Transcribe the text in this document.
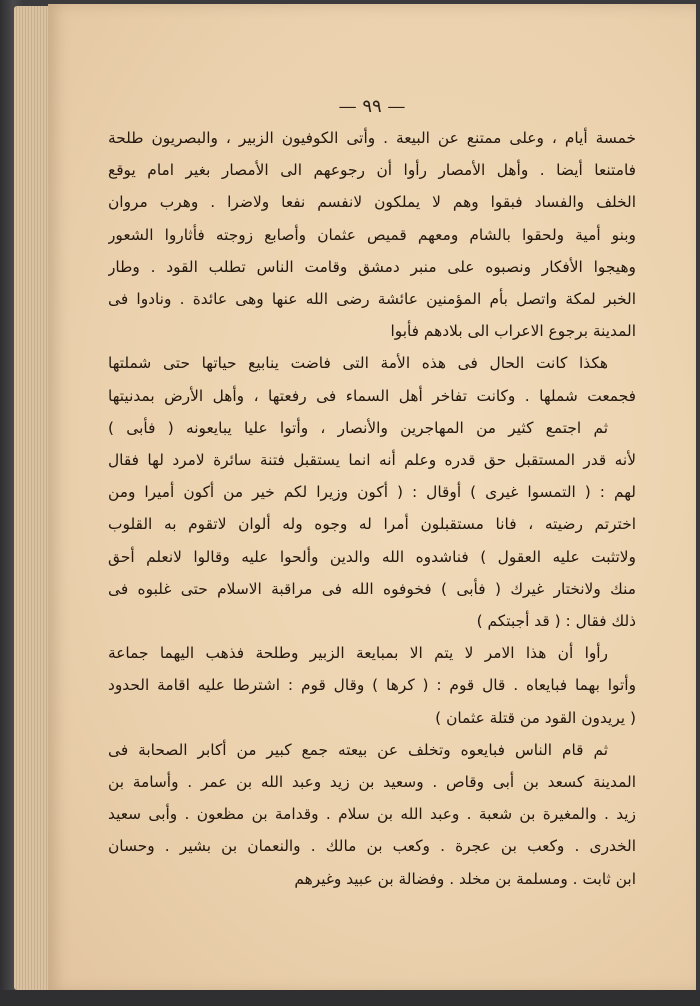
— ٩٩ —
خمسة أيام ، وعلى ممتنع عن البيعة . وأتى الكوفيون الزبير ، والبصريون طلحة
فامتنعا أيضا . وأهل الأمصار رأوا أن رجوعهم الى الأمصار بغير امام يوقع
الخلف والفساد فبقوا وهم لا يملكون لانفسم نفعا ولاضرا . وهرب مروان
وبنو أمية ولحقوا بالشام ومعهم قميص عثمان وأصابع زوجته فأثاروا الشعور
وهيجوا الأفكار ونصبوه على منبر دمشق وقامت الناس تطلب القود . وطار
الخبر لمكة واتصل بأم المؤمنين عائشة رضى الله عنها وهى عائدة . ونادوا فى
المدينة برجوع الاعراب الى بلادهم فأبوا
هكذا كانت الحال فى هذه الأمة التى فاضت ينابيع حياتها حتى شملتها
فجمعت شملها . وكانت تفاخر أهل السماء فى رفعتها ، وأهل الأرض بمدنيتها
ثم اجتمع كثير من المهاجرين والأنصار ، وأتوا عليا يبايعونه ( فأبى )
لأنه قدر المستقبل حق قدره وعلم أنه انما يستقبل فتنة سائرة لامرد لها فقال
لهم : ( التمسوا غيرى ) أوقال : ( أكون وزيرا لكم خير من أكون أميرا ومن
اخترتم رضيته ، فانا مستقبلون أمرا له وجوه وله ألوان لاتقوم به القلوب
ولاتثبت عليه العقول ) فناشدوه الله والدين وألحوا عليه وقالوا لانعلم أحق
منك ولانختار غيرك ( فأبى ) فخوفوه الله فى مراقبة الاسلام حتى غلبوه فى
ذلك فقال : ( قد أجبتكم )
رأوا أن هذا الامر لا يتم الا بمبايعة الزبير وطلحة فذهب اليهما جماعة
وأتوا بهما فبايعاه . قال قوم : ( كرها ) وقال قوم : اشترطا عليه اقامة الحدود
( يريدون القود من قتلة عثمان )
ثم قام الناس فبايعوه وتخلف عن بيعته جمع كبير من أكابر الصحابة فى
المدينة كسعد بن أبى وقاص . وسعيد بن زيد وعبد الله بن عمر . وأسامة بن
زيد . والمغيرة بن شعبة . وعبد الله بن سلام . وقدامة بن مظعون . وأبى سعيد
الخدرى . وكعب بن عجرة . وكعب بن مالك . والنعمان بن بشير . وحسان
ابن ثابت . ومسلمة بن مخلد . وفضالة بن عبيد وغيرهم
